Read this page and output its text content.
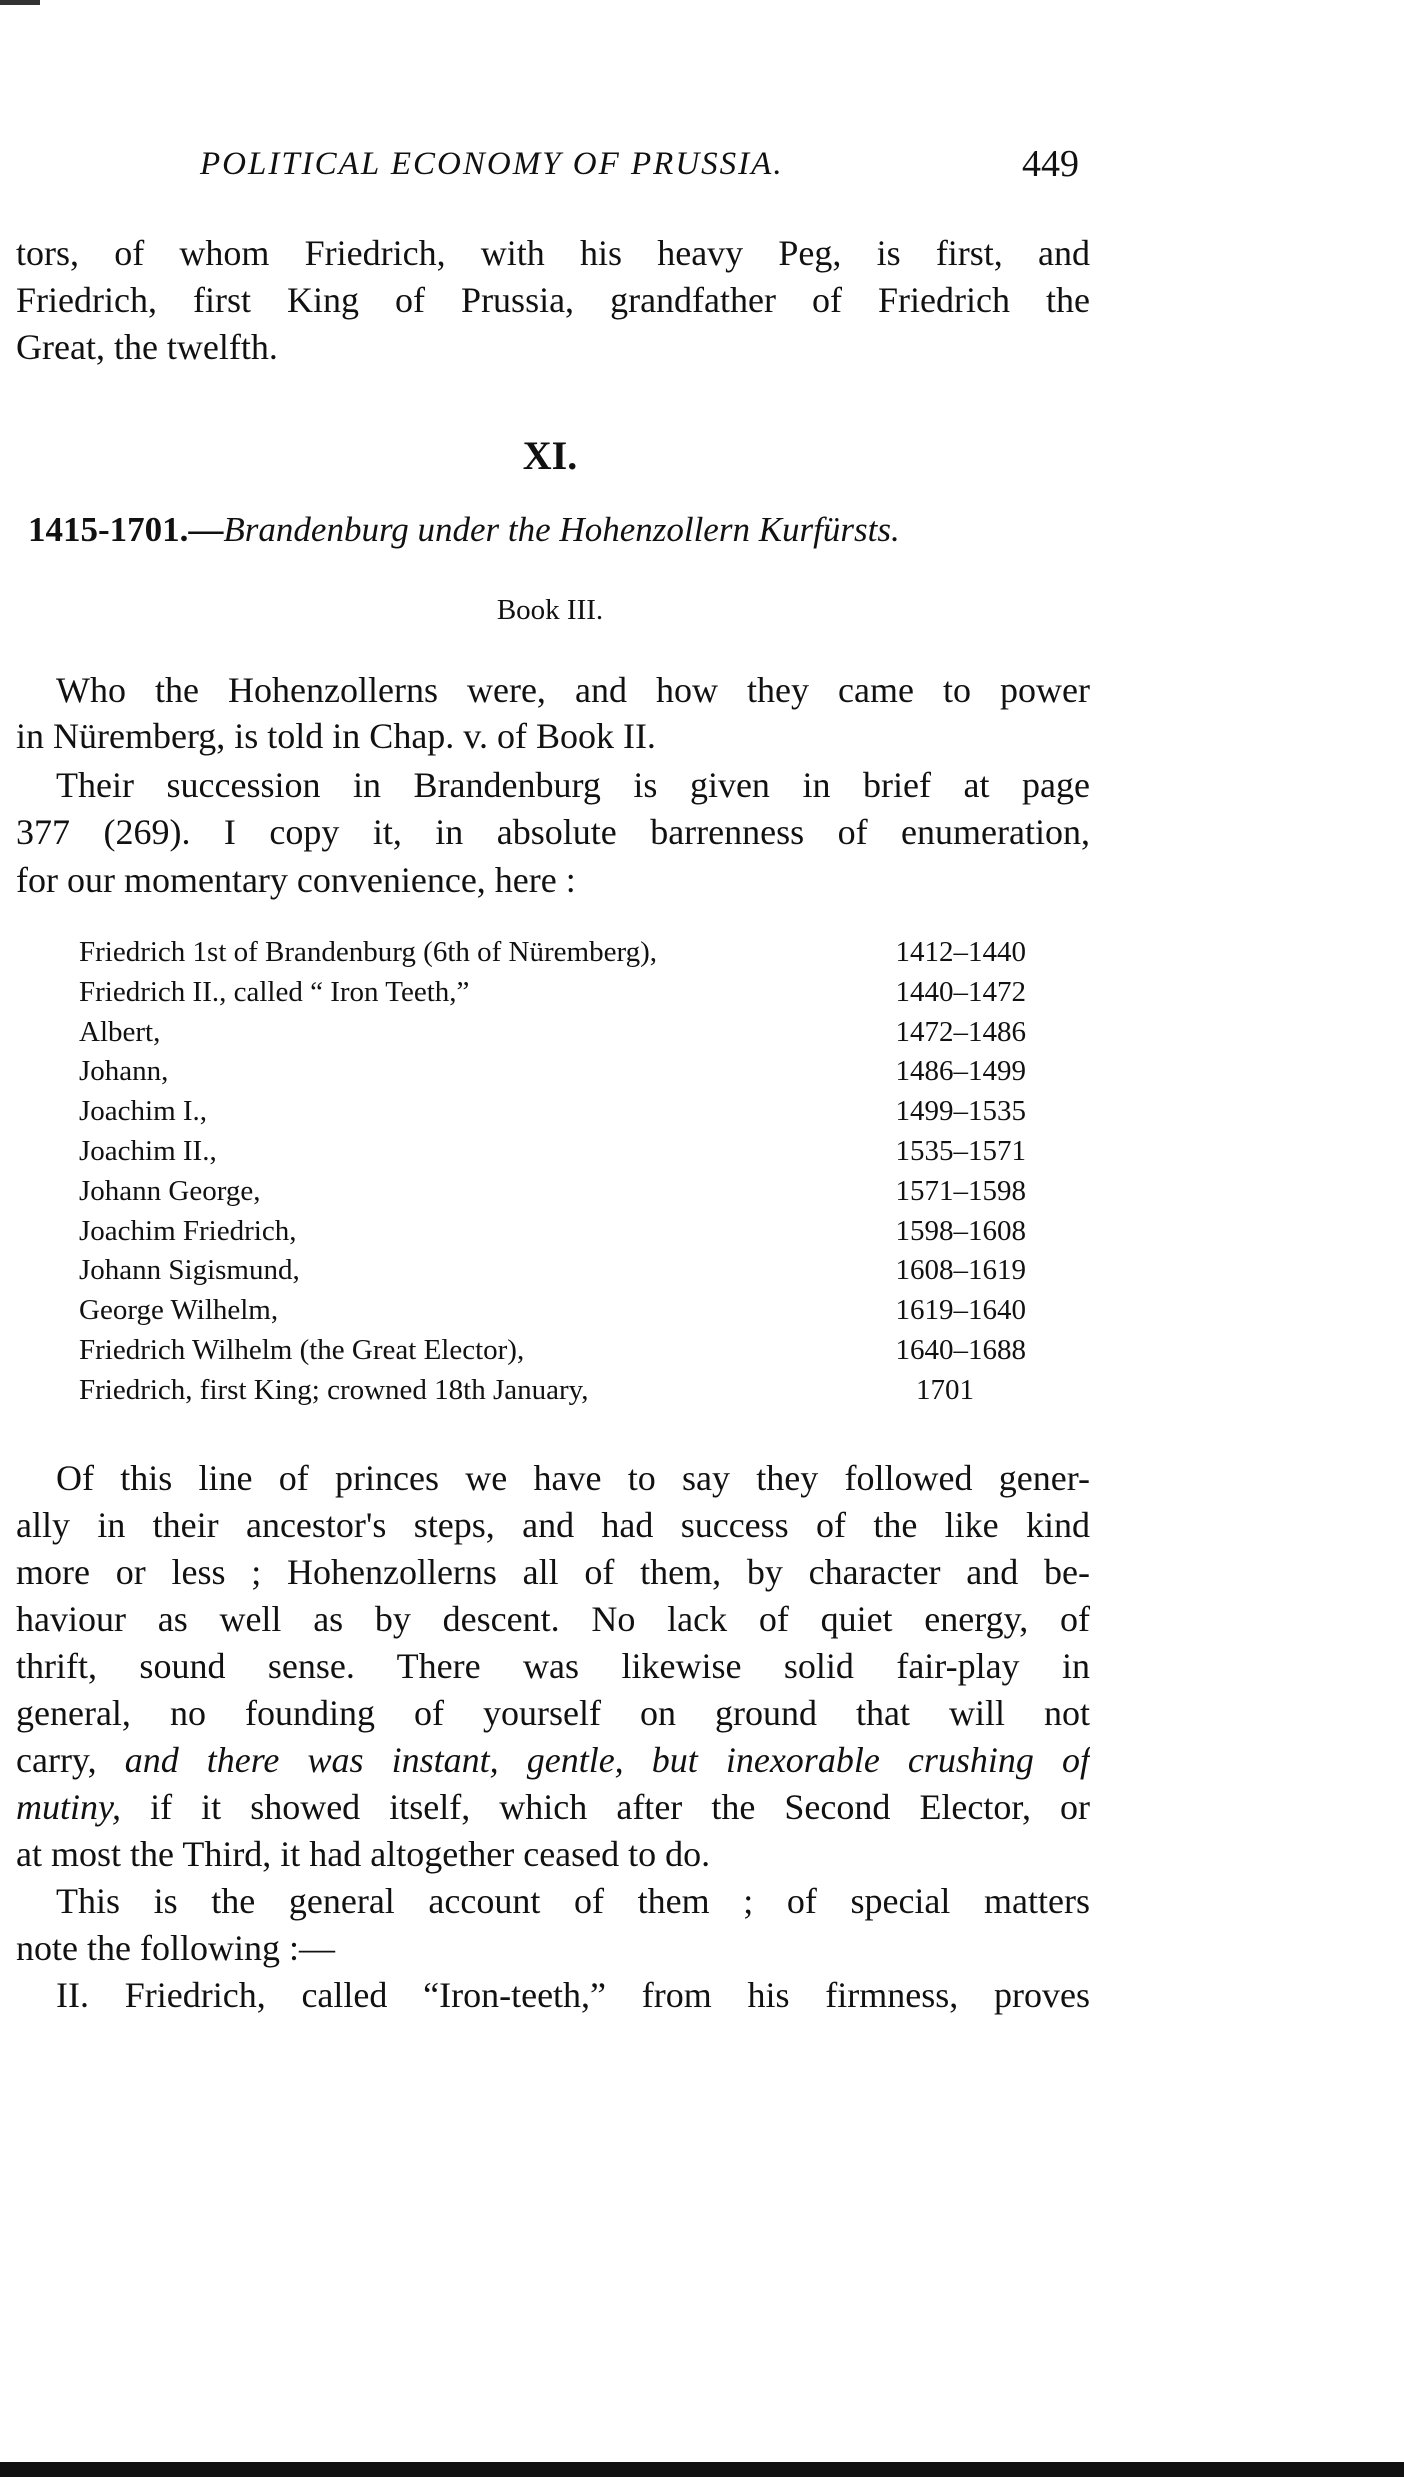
POLITICAL ECONOMY OF PRUSSIA.	449
tors, of whom Friedrich, with his heavy Peg, is first, and
Friedrich, first King of Prussia, grandfather of Friedrich the
Great, the twelfth.
XI.
1415-1701.—Brandenburg under the Hohenzollern Kurfürsts.
Book III.
Who the Hohenzollerns were, and how they came to power
in Nüremberg, is told in Chap. v. of Book II.
Their succession in Brandenburg is given in brief at page
377 (269). I copy it, in absolute barrenness of enumeration,
for our momentary convenience, here :
Friedrich 1st of Brandenburg (6th of Nüremberg),	1412–1440
Friedrich II., called “ Iron Teeth,”	1440–1472
Albert,	1472–1486
Johann,	1486–1499
Joachim I.,	1499–1535
Joachim II.,	1535–1571
Johann George,	1571–1598
Joachim Friedrich,	1598–1608
Johann Sigismund,	1608–1619
George Wilhelm,	1619–1640
Friedrich Wilhelm (the Great Elector),	1640–1688
Friedrich, first King; crowned 18th January,	1701
Of this line of princes we have to say they followed gener-
ally in their ancestor's steps, and had success of the like kind
more or less ; Hohenzollerns all of them, by character and be-
haviour as well as by descent. No lack of quiet energy, of
thrift, sound sense. There was likewise solid fair-play in
general, no founding of yourself on ground that will not
carry, and there was instant, gentle, but inexorable crushing of
mutiny, if it showed itself, which after the Second Elector, or
at most the Third, it had altogether ceased to do.
This is the general account of them ; of special matters
note the following :—
II. Friedrich, called “Iron-teeth,” from his firmness, proves
